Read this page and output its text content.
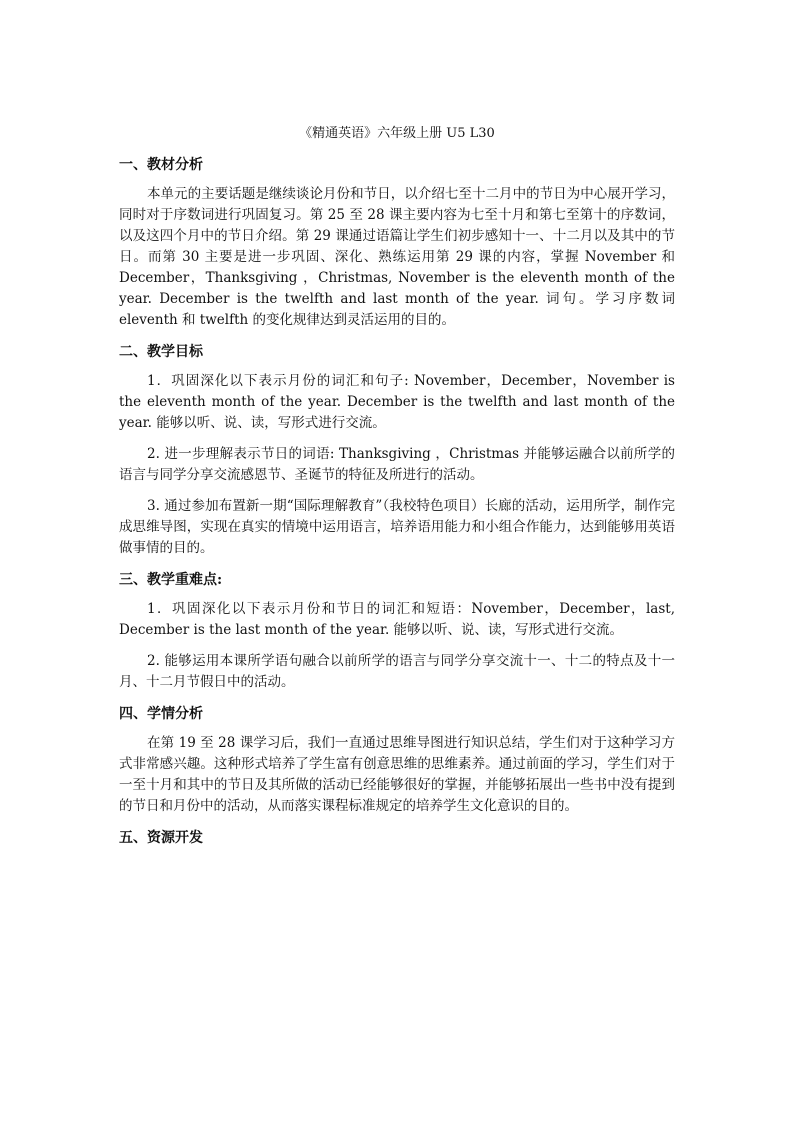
《精通英语》六年级上册 U5 L30
一、教材分析

本单元的主要话题是继续谈论月份和节日，以介绍七至十二月中的节日为中心展开学习，同时对于序数词进行巩固复习。第 25 至 28 课主要内容为七至十月和第七至第十的序数词，以及这四个月中的节日介绍。第 29 课通过语篇让学生们初步感知十一、十二月以及其中的节日。而第 30 主要是进一步巩固、深化、熟练运用第 29 课的内容，掌握 November 和 December，Thanksgiving ，Christmas, November is the eleventh month of the year. December is the twelfth and last month of the year. 词句。学习序数词 eleventh 和 twelfth 的变化规律达到灵活运用的目的。

二、教学目标

1．巩固深化以下表示月份的词汇和句子: November，December，November is the eleventh month of the year. December is the twelfth and last month of the year. 能够以听、说、读，写形式进行交流。

2. 进一步理解表示节日的词语: Thanksgiving ，Christmas 并能够运融合以前所学的语言与同学分享交流感恩节、圣诞节的特征及所进行的活动。

3. 通过参加布置新一期“国际理解教育”（我校特色项目）长廊的活动，运用所学，制作完成思维导图，实现在真实的情境中运用语言，培养语用能力和小组合作能力，达到能够用英语做事情的目的。

三、教学重难点:

1．巩固深化以下表示月份和节日的词汇和短语：November，December，last, December is the last month of the year. 能够以听、说、读，写形式进行交流。

2. 能够运用本课所学语句融合以前所学的语言与同学分享交流十一、十二的特点及十一月、十二月节假日中的活动。

四、学情分析

在第 19 至 28 课学习后，我们一直通过思维导图进行知识总结，学生们对于这种学习方式非常感兴趣。这种形式培养了学生富有创意思维的思维素养。通过前面的学习，学生们对于一至十月和其中的节日及其所做的活动已经能够很好的掌握，并能够拓展出一些书中没有提到的节日和月份中的活动，从而落实课程标准规定的培养学生文化意识的目的。

五、资源开发
